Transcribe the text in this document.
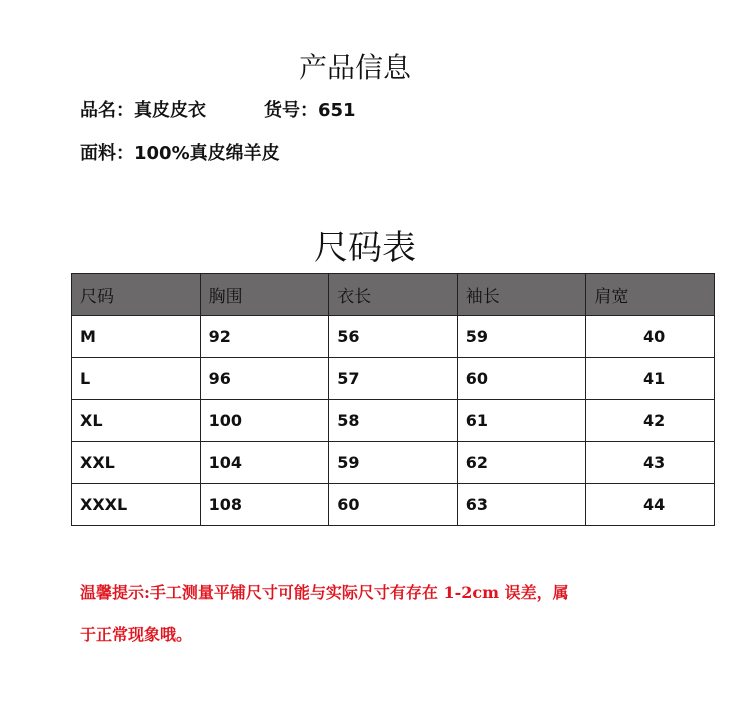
产品信息
品名：真皮皮衣	货号：651
面料：100%真皮绵羊皮
尺码表
尺码	胸围	衣长	袖长	肩宽
M	92	56	59	40
L	96	57	60	41
XL	100	58	61	42
XXL	104	59	62	43
XXXL	108	60	63	44
温馨提示:手工测量平铺尺寸可能与实际尺寸有存在 1-2cm 误差，属
于正常现象哦。
